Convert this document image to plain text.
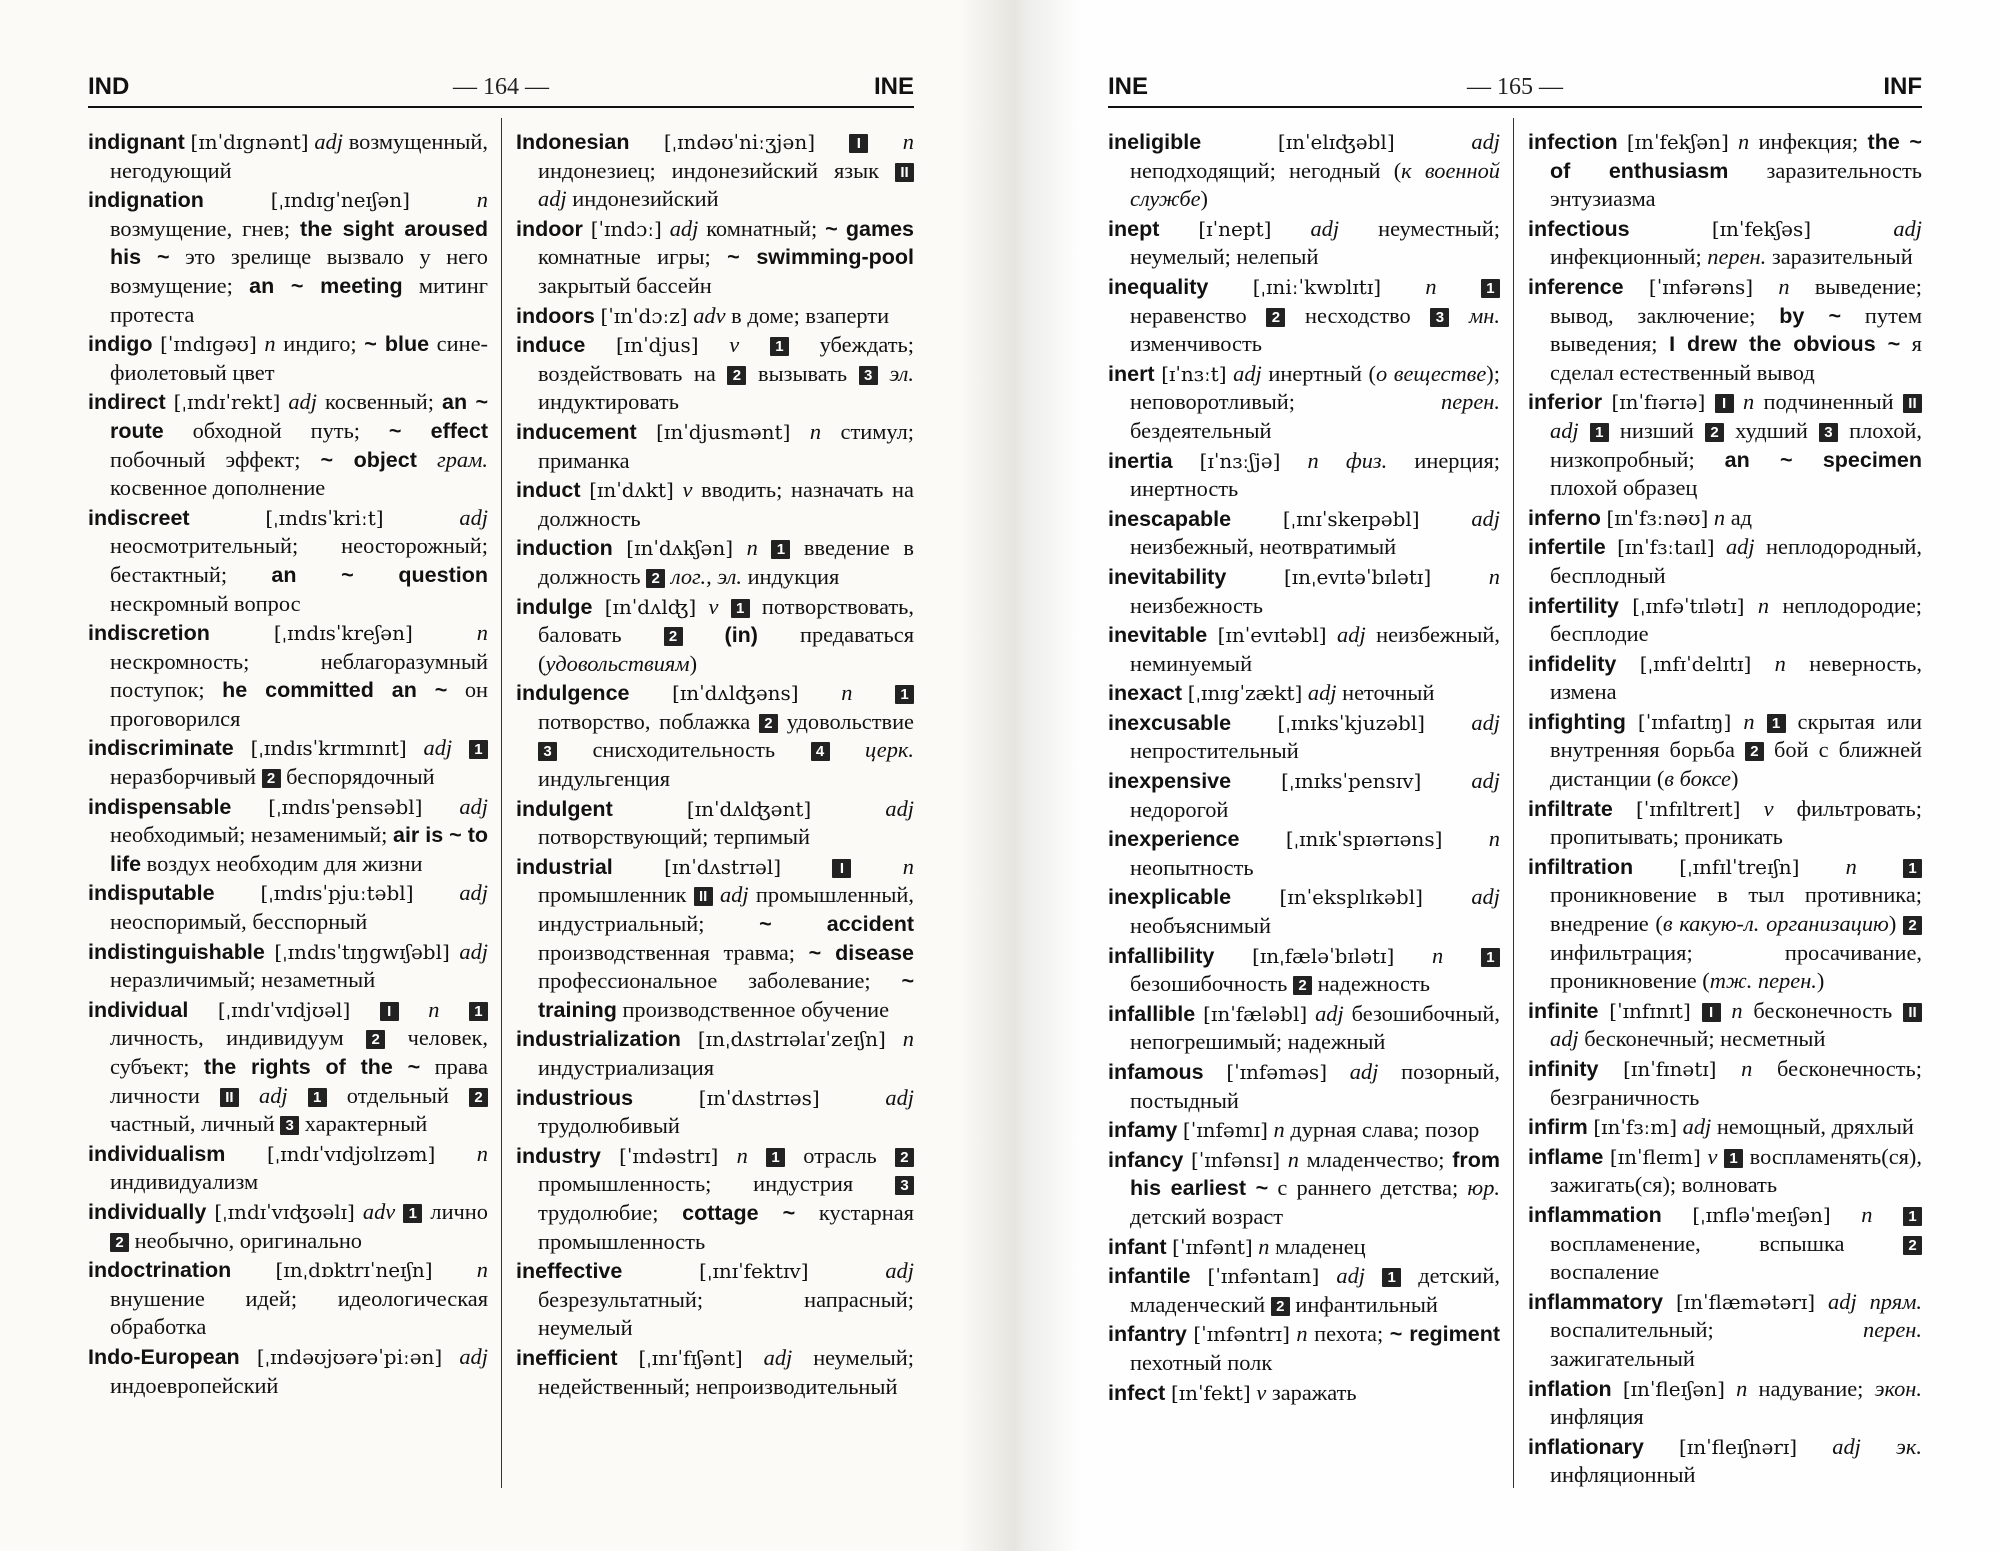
IND	— 164 —	INE

indignant [ɪnˈdɪgnənt] adj возмущенный, негодующий

indignation	[ˌɪndɪgˈneɪʃən]	n возмущение, гнев; the sight aroused his ~ это зрелище вызвало у него возмущение; an ~ meeting митинг протеста

indigo [ˈɪndɪgəʊ] n индиго; ~ blue сине-фиолетовый цвет

indirect [ˌɪndɪˈrekt] adj косвенный; an ~ route обходной путь; ~ effect побочный эффект; ~ object грам. косвенное дополнение

indiscreet	[ˌɪndɪsˈkriːt]	adj неосмотрительный; неосторожный; бестактный; an ~ question нескромный вопрос

indiscretion	[ˌɪndɪsˈkreʃən]	n нескромность; неблагоразумный поступок; he committed an ~ он проговорился

indiscriminate [ˌɪndɪsˈkrɪmɪnɪt] adj 1 неразборчивый 2 беспорядочный

indispensable [ˌɪndɪsˈpensəbl] adj необходимый; незаменимый; air is ~ to life воздух необходим для жизни

indisputable [ˌɪndɪsˈpjuːtəbl] adj неоспоримый, бесспорный

indistinguishable [ˌɪndɪsˈtɪŋgwɪʃəbl] adj неразличимый; незаметный

individual [ˌɪndɪˈvɪdjʊəl] I n 1 личность, индивидуум 2 человек, субъект; the rights of the ~ права личности II adj 1 отдельный 2 частный, личный 3 характерный

individualism [ˌɪndɪˈvɪdjʊlɪzəm] n индивидуализм

individually [ˌɪndɪˈvɪʤʊəlɪ] adv 1 лично 2 необычно, оригинально

indoctrination [ɪnˌdɒktrɪˈneɪʃn] n внушение идей; идеологическая обработка

Indo-European [ˌɪndəʊjʊərəˈpiːən] adj индоевропейский

Indonesian [ˌɪndəʊˈniːʒjən]	I n индонезиец; индонезийский язык II adj индонезийский

indoor [ˈɪndɔː] adj комнатный; ~ games комнатные игры; ~ swimming-pool закрытый бассейн

indoors [ˈɪnˈdɔːz] adv в доме; взаперти

induce [ɪnˈdjus] v 1 убеждать; воздействовать на 2 вызывать 3 эл. индуктировать

inducement [ɪnˈdjusmənt] n стимул; приманка

induct [ɪnˈdʌkt] v вводить; назначать на должность

induction [ɪnˈdʌkʃən] n 1 введение в должность 2 лог., эл. индукция

indulge [ɪnˈdʌlʤ] v 1 потворствовать, баловать 2 (in) предаваться (удовольствиям)

indulgence [ɪnˈdʌlʤəns] n	1 потворство, поблажка 2 удовольствие 3 снисходительность 4 церк. индульгенция

indulgent	[ɪnˈdʌlʤənt]	adj потворствующий; терпимый

industrial	[ɪnˈdʌstrɪəl]	I	n промышленник II adj промышленный, индустриальный; ~ accident производственная травма; ~ disease профессиональное заболевание; ~ training производственное обучение

industrialization [ɪnˌdʌstrɪəlaɪˈzeɪʃn] n индустриализация

industrious	[ɪnˈdʌstrɪəs]	adj трудолюбивый

industry [ˈɪndəstrɪ] n 1 отрасль 2 промышленность; индустрия 3 трудолюбие; cottage ~ кустарная промышленность

ineffective	[ˌɪnɪˈfektɪv]	adj безрезультатный; напрасный; неумелый

inefficient [ˌɪnɪˈfɪʃənt] adj неумелый; недейственный; непроизводительный

INE	— 165 —	INF

ineligible	[ɪnˈelɪʤəbl]	adj неподходящий; негодный (к военной службе)

inept [ɪˈnept] adj неуместный; неумелый; нелепый

inequality [ˌɪniːˈkwɒlɪtɪ] n	1 неравенство 2 несходство 3 мн. изменчивость

inert [ɪˈnɜːt] adj инертный (о веществе); неповоротливый; перен. бездеятельный

inertia [ɪˈnɜːʃjə] n физ. инерция; инертность

inescapable	[ˌɪnɪˈskeɪpəbl] adj неизбежный, неотвратимый

inevitability	[ɪnˌevɪtəˈbɪlətɪ]	n неизбежность

inevitable [ɪnˈevɪtəbl] adj неизбежный, неминуемый

inexact [ˌɪnɪgˈzækt] adj неточный

inexcusable [ˌɪnɪksˈkjuzəbl] adj непростительный

inexpensive	[ˌɪnɪksˈpensɪv] adj недорогой

inexperience [ˌɪnɪkˈspɪərɪəns] n неопытность

inexplicable [ɪnˈeksplɪkəbl] adj необъяснимый

infallibility [ɪnˌfæləˈbɪlətɪ] n	1 безошибочность 2 надежность

infallible [ɪnˈfæləbl] adj безошибочный, непогрешимый; надежный

infamous [ˈɪnfəməs] adj позорный, постыдный

infamy [ˈɪnfəmɪ] n дурная слава; позор

infancy [ˈɪnfənsɪ] n младенчество; from his earliest ~ с раннего детства; юр. детский возраст

infant [ˈɪnfənt] n младенец

infantile [ˈɪnfəntaɪn] adj 1 детский, младенческий 2 инфантильный

infantry [ˈɪnfəntrɪ] n пехота; ~ regiment пехотный полк

infect [ɪnˈfekt] v заражать

infection [ɪnˈfekʃən] n инфекция; the ~ of enthusiasm заразительность энтузиазма

infectious	[ɪnˈfekʃəs]	adj инфекционный; перен. заразительный

inference [ˈɪnfərəns] n выведение; вывод, заключение; by ~ путем выведения; I drew the obvious ~ я сделал естественный вывод

inferior [ɪnˈfɪərɪə] I n подчиненный II adj 1 низший 2 худший 3 плохой, низкопробный; an ~ specimen плохой образец

inferno [ɪnˈfɜːnəʊ] n ад

infertile [ɪnˈfɜːtaɪl] adj неплодородный, бесплодный

infertility [ˌɪnfəˈtɪlətɪ] n неплодородие; бесплодие

infidelity [ˌɪnfɪˈdelɪtɪ] n неверность, измена

infighting [ˈɪnfaɪtɪŋ] n 1 скрытая или внутренняя борьба 2 бой с ближней дистанции (в боксе)

infiltrate [ˈɪnfɪltreɪt] v фильтровать; пропитывать; проникать

infiltration [ˌɪnfɪlˈtreɪʃn] n	1 проникновение в тыл противника; внедрение (в какую-л. организацию) 2 инфильтрация; просачивание, проникновение (тж. перен.)

infinite [ˈɪnfɪnɪt] I n бесконечность II adj бесконечный; несметный

infinity [ɪnˈfɪnətɪ] n бесконечность; безграничность

infirm [ɪnˈfɜːm] adj немощный, дряхлый

inflame [ɪnˈfleɪm] v 1 воспламенять(ся), зажигать(ся); волновать

inflammation [ˌɪnfləˈmeɪʃən] n 1 воспламенение, вспышка 2 воспаление

inflammatory [ɪnˈflæmətərɪ] adj прям. воспалительный; перен. зажигательный

inflation [ɪnˈfleɪʃən] n надувание; экон. инфляция

inflationary [ɪnˈfleɪʃnərɪ] adj эк. инфляционный
